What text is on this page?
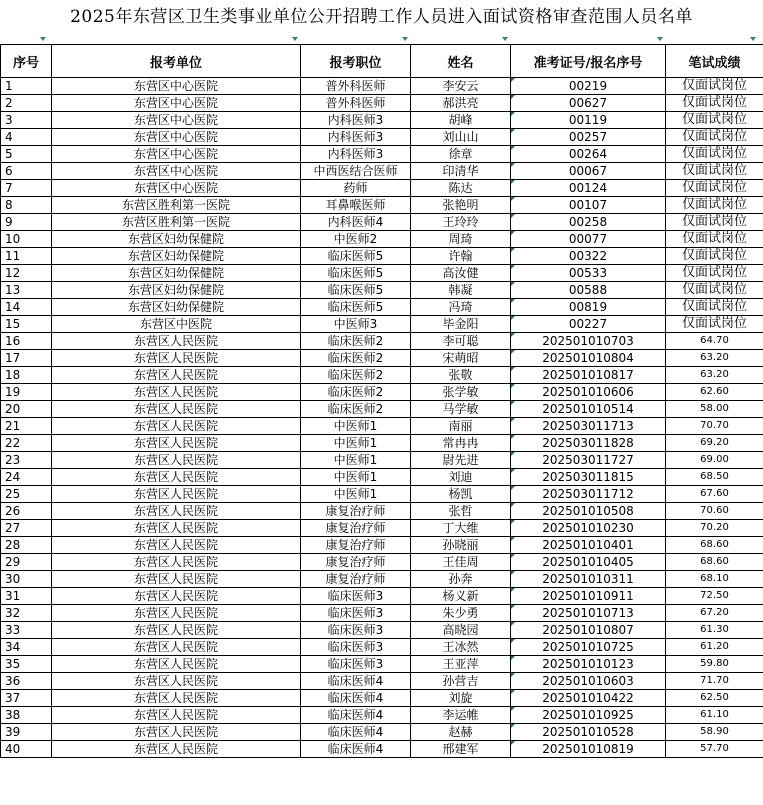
2025年东营区卫生类事业单位公开招聘工作人员进入面试资格审查范围人员名单
序号	报考单位	报考职位	姓名	准考证号/报名序号	笔试成绩
1	东营区中心医院	普外科医师	李安云	00219	仅面试岗位
2	东营区中心医院	普外科医师	郝洪亮	00627	仅面试岗位
3	东营区中心医院	内科医师3	胡峰	00119	仅面试岗位
4	东营区中心医院	内科医师3	刘山山	00257	仅面试岗位
5	东营区中心医院	内科医师3	徐章	00264	仅面试岗位
6	东营区中心医院	中西医结合医师	印清华	00067	仅面试岗位
7	东营区中心医院	药师	陈达	00124	仅面试岗位
8	东营区胜利第一医院	耳鼻喉医师	张艳明	00107	仅面试岗位
9	东营区胜利第一医院	内科医师4	王玲玲	00258	仅面试岗位
10	东营区妇幼保健院	中医师2	周琦	00077	仅面试岗位
11	东营区妇幼保健院	临床医师5	许翰	00322	仅面试岗位
12	东营区妇幼保健院	临床医师5	高汝健	00533	仅面试岗位
13	东营区妇幼保健院	临床医师5	韩凝	00588	仅面试岗位
14	东营区妇幼保健院	临床医师5	冯琦	00819	仅面试岗位
15	东营区中医院	中医师3	毕金阳	00227	仅面试岗位
16	东营区人民医院	临床医师2	李可聪	202501010703	64.70
17	东营区人民医院	临床医师2	宋萌昭	202501010804	63.20
18	东营区人民医院	临床医师2	张敬	202501010817	63.20
19	东营区人民医院	临床医师2	张学敏	202501010606	62.60
20	东营区人民医院	临床医师2	马学敏	202501010514	58.00
21	东营区人民医院	中医师1	南丽	202503011713	70.70
22	东营区人民医院	中医师1	常冉冉	202503011828	69.20
23	东营区人民医院	中医师1	尉先进	202503011727	69.00
24	东营区人民医院	中医师1	刘迪	202503011815	68.50
25	东营区人民医院	中医师1	杨凯	202503011712	67.60
26	东营区人民医院	康复治疗师	张哲	202501010508	70.60
27	东营区人民医院	康复治疗师	丁大维	202501010230	70.20
28	东营区人民医院	康复治疗师	孙晓丽	202501010401	68.60
29	东营区人民医院	康复治疗师	王佳周	202501010405	68.60
30	东营区人民医院	康复治疗师	孙奔	202501010311	68.10
31	东营区人民医院	临床医师3	杨义新	202501010911	72.50
32	东营区人民医院	临床医师3	朱少勇	202501010713	67.20
33	东营区人民医院	临床医师3	高晓园	202501010807	61.30
34	东营区人民医院	临床医师3	王冰然	202501010725	61.20
35	东营区人民医院	临床医师3	王亚萍	202501010123	59.80
36	东营区人民医院	临床医师4	孙营吉	202501010603	71.70
37	东营区人民医院	临床医师4	刘旋	202501010422	62.50
38	东营区人民医院	临床医师4	李运帷	202501010925	61.10
39	东营区人民医院	临床医师4	赵赫	202501010528	58.90
40	东营区人民医院	临床医师4	邢建军	202501010819	57.70
